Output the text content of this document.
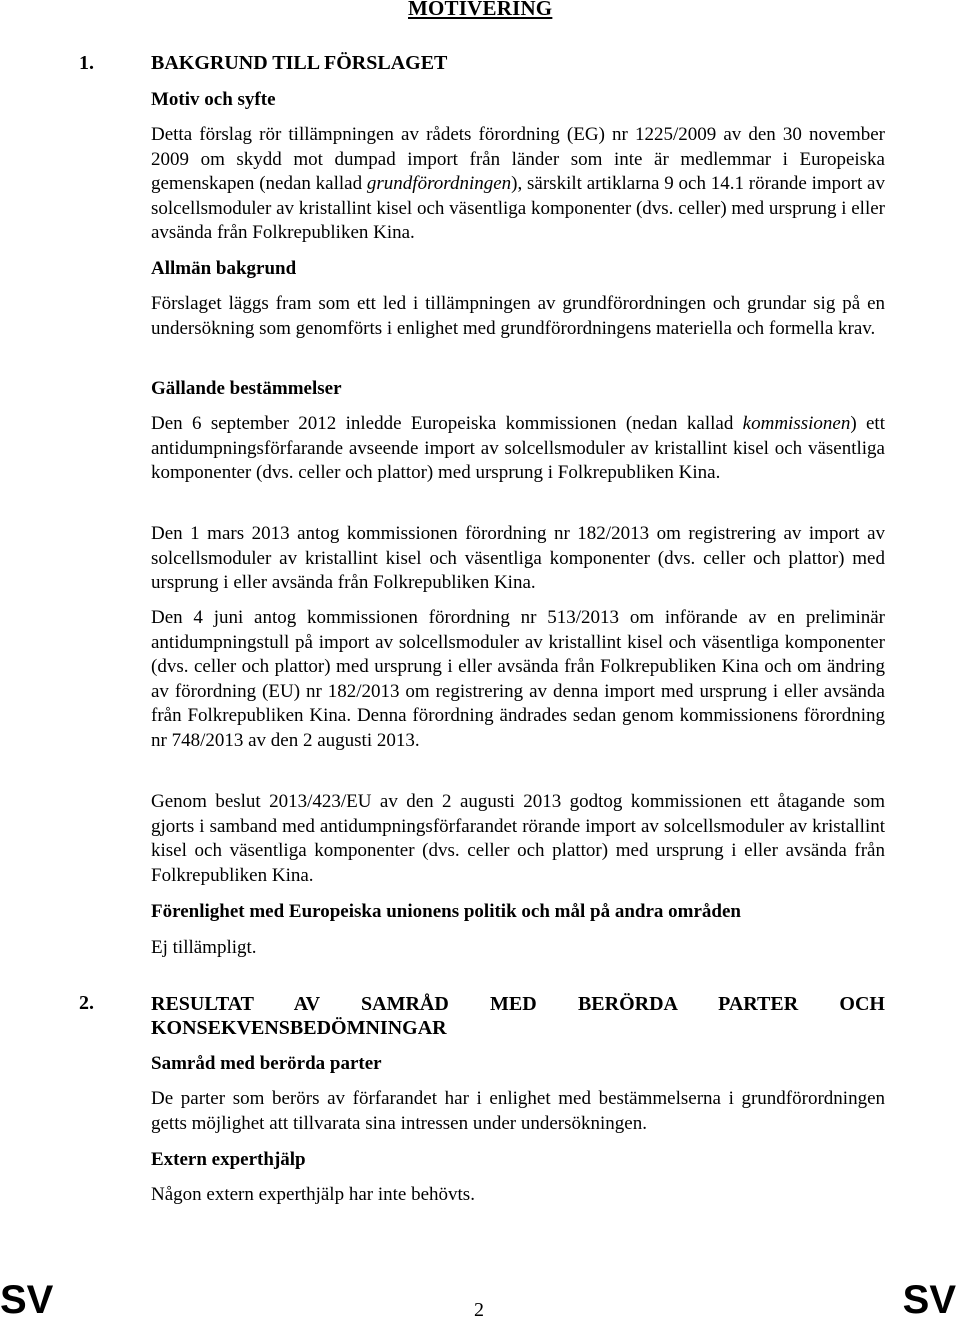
MOTIVERING
1.	BAKGRUND TILL FÖRSLAGET
Motiv och syfte
Detta förslag rör tillämpningen av rådets förordning (EG) nr 1225/2009 av den 30 november 2009 om skydd mot dumpad import från länder som inte är medlemmar i Europeiska gemenskapen (nedan kallad grundförordningen), särskilt artiklarna 9 och 14.1 rörande import av solcellsmoduler av kristallint kisel och väsentliga komponenter (dvs. celler) med ursprung i eller avsända från Folkrepubliken Kina.
Allmän bakgrund
Förslaget läggs fram som ett led i tillämpningen av grundförordningen och grundar sig på en undersökning som genomförts i enlighet med grundförordningens materiella och formella krav.
Gällande bestämmelser
Den 6 september 2012 inledde Europeiska kommissionen (nedan kallad kommissionen) ett antidumpningsförfarande avseende import av solcellsmoduler av kristallint kisel och väsentliga komponenter (dvs. celler och plattor) med ursprung i Folkrepubliken Kina.
Den 1 mars 2013 antog kommissionen förordning nr 182/2013 om registrering av import av solcellsmoduler av kristallint kisel och väsentliga komponenter (dvs. celler och plattor) med ursprung i eller avsända från Folkrepubliken Kina.
Den 4 juni antog kommissionen förordning nr 513/2013 om införande av en preliminär antidumpningstull på import av solcellsmoduler av kristallint kisel och väsentliga komponenter (dvs. celler och plattor) med ursprung i eller avsända från Folkrepubliken Kina och om ändring av förordning (EU) nr 182/2013 om registrering av denna import med ursprung i eller avsända från Folkrepubliken Kina. Denna förordning ändrades sedan genom kommissionens förordning nr 748/2013 av den 2 augusti 2013.
Genom beslut 2013/423/EU av den 2 augusti 2013 godtog kommissionen ett åtagande som gjorts i samband med antidumpningsförfarandet rörande import av solcellsmoduler av kristallint kisel och väsentliga komponenter (dvs. celler och plattor) med ursprung i eller avsända från Folkrepubliken Kina.
Förenlighet med Europeiska unionens politik och mål på andra områden
Ej tillämpligt.
2.	RESULTAT AV SAMRÅD MED BERÖRDA PARTER OCH
KONSEKVENSBEDÖMNINGAR
Samråd med berörda parter
De parter som berörs av förfarandet har i enlighet med bestämmelserna i grundförordningen getts möjlighet att tillvarata sina intressen under undersökningen.
Extern experthjälp
Någon extern experthjälp har inte behövts.
SV	2	SV
